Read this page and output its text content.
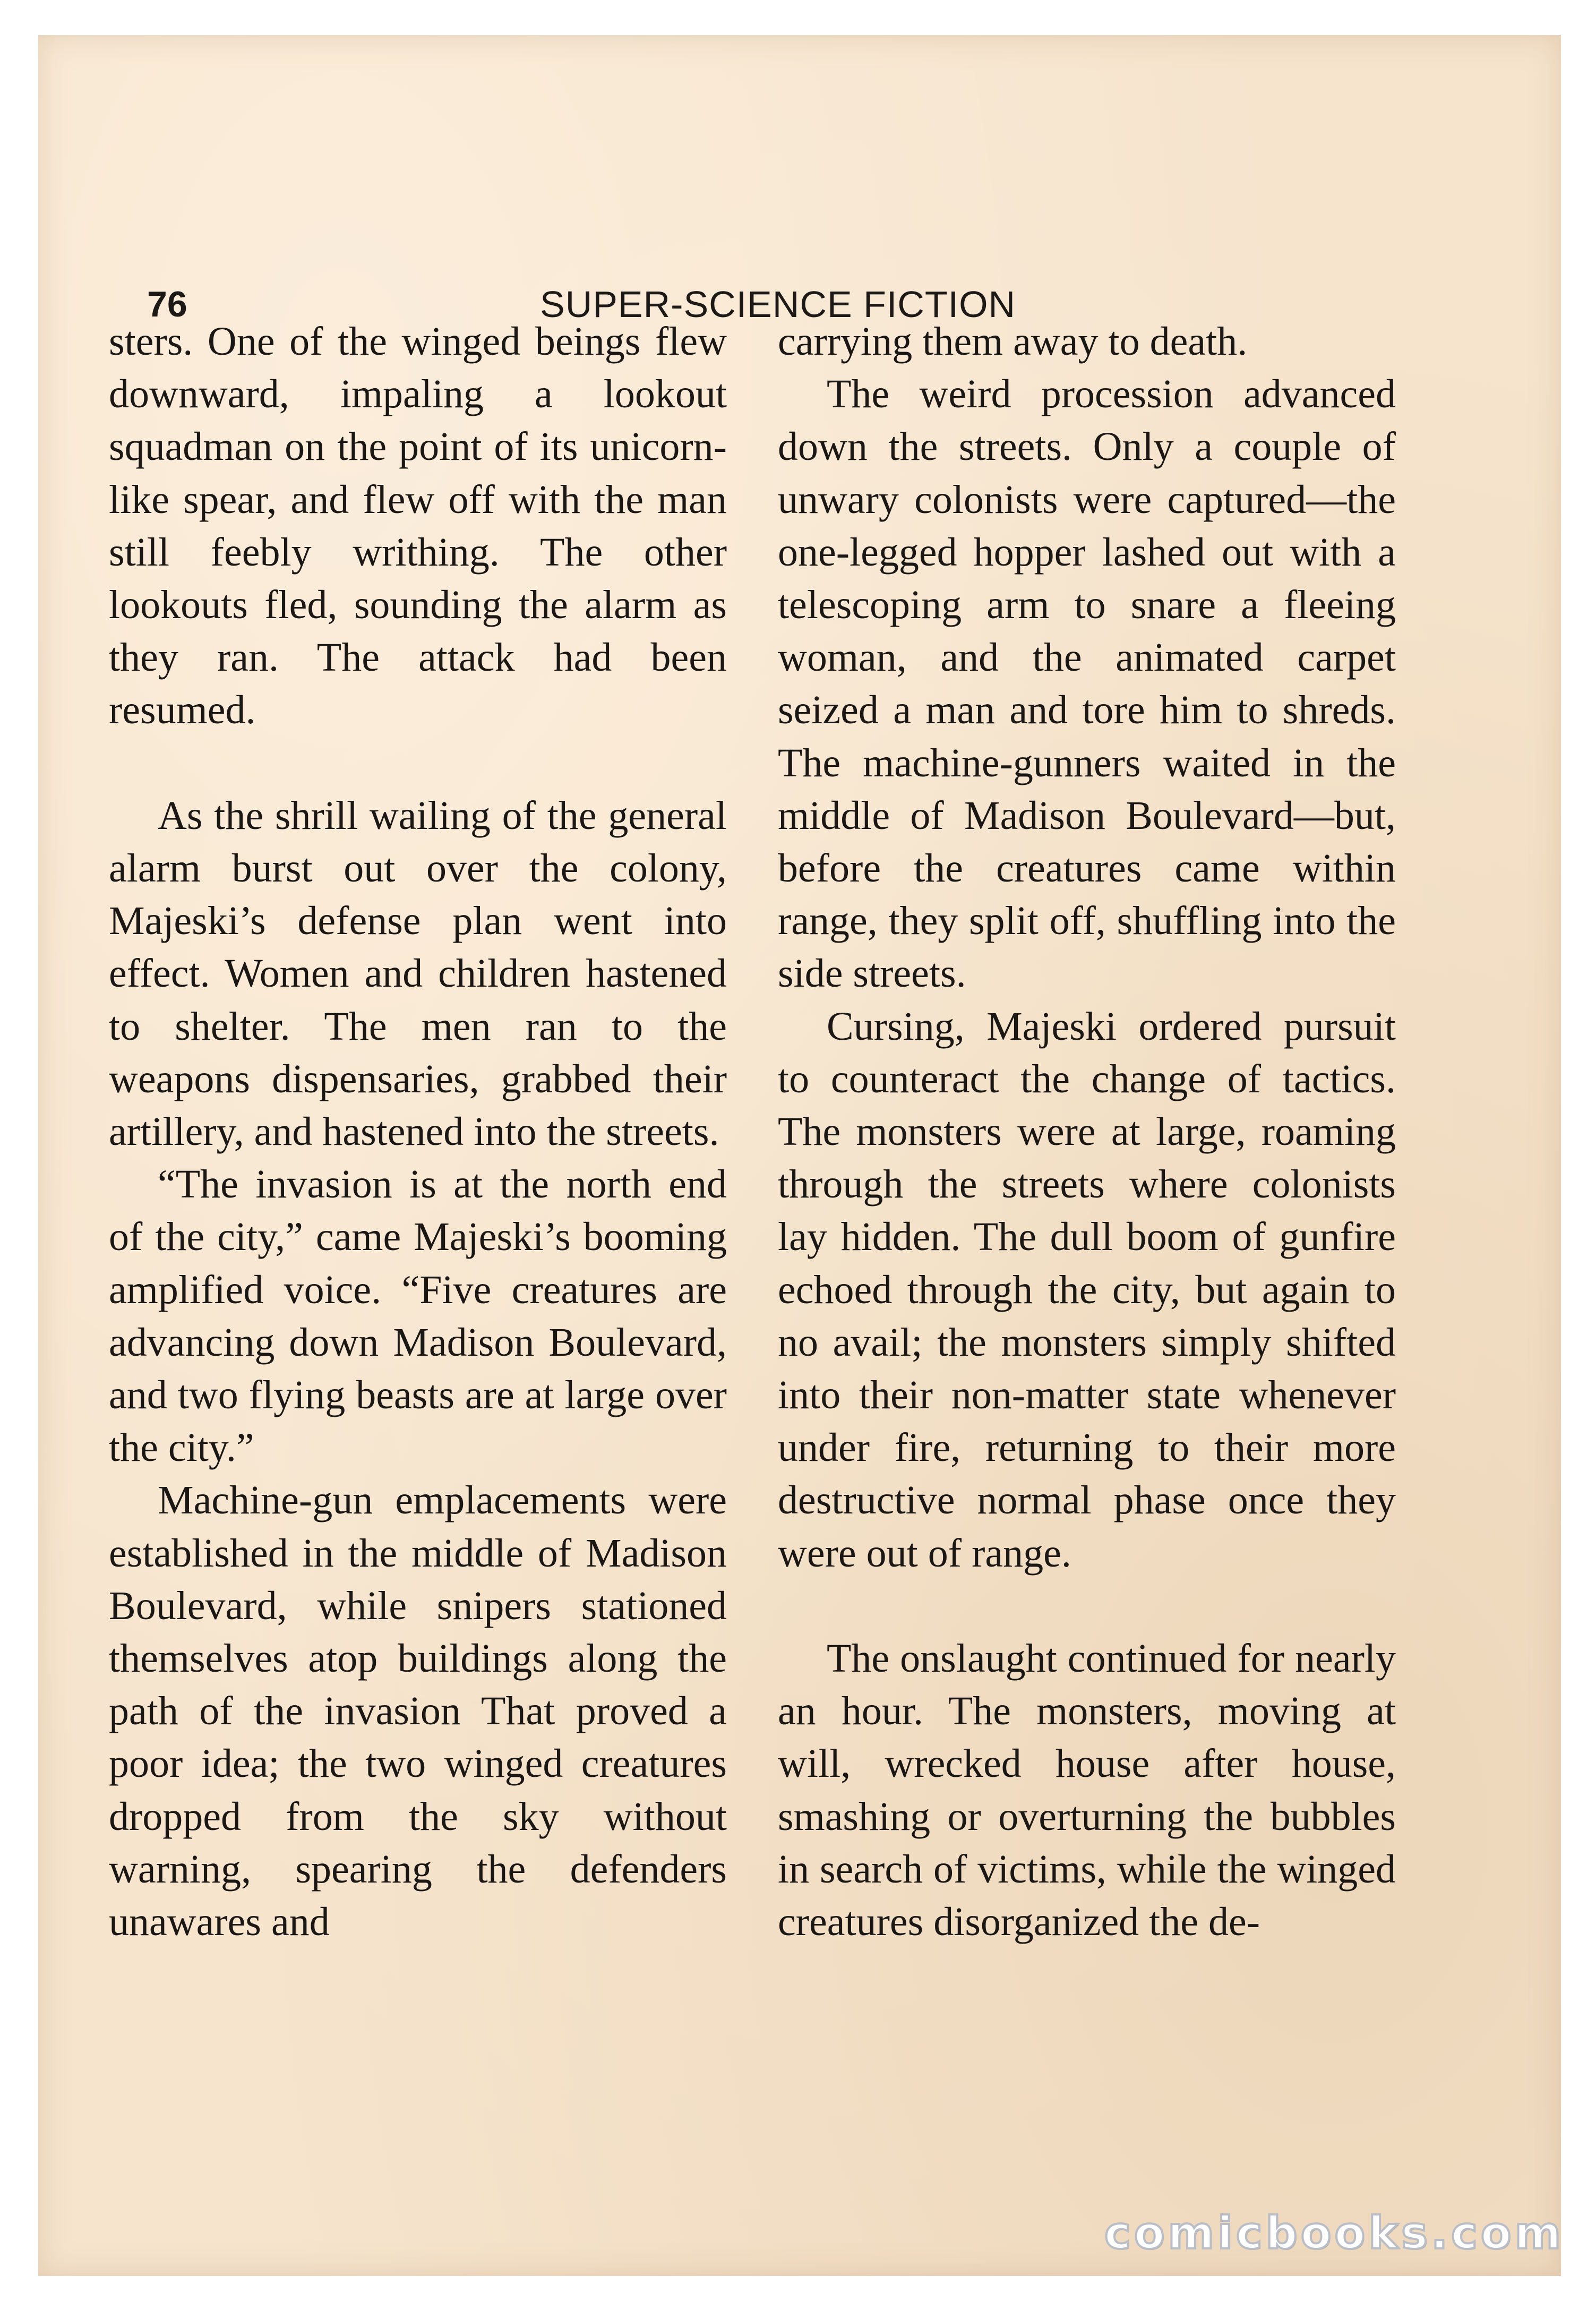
76	SUPER-SCIENCE FICTION

sters. One of the winged beings flew downward, impaling a lookout squadman on the point of its unicorn-like spear, and flew off with the man still feebly writhing. The other lookouts fled, sounding the alarm as they ran. The attack had been resumed.

As the shrill wailing of the general alarm burst out over the colony, Majeski’s defense plan went into effect. Women and children hastened to shelter. The men ran to the weapons dispensaries, grabbed their artillery, and hastened into the streets.

“The invasion is at the north end of the city,” came Majeski’s booming amplified voice. “Five creatures are advancing down Madison Boulevard, and two flying beasts are at large over the city.”

Machine-gun emplacements were established in the middle of Madison Boulevard, while snipers stationed themselves atop buildings along the path of the invasion That proved a poor idea; the two winged creatures dropped from the sky without warning, spearing the defenders unawares and

carrying them away to death.

The weird procession advanced down the streets. Only a couple of unwary colonists were captured—the one-legged hopper lashed out with a telescoping arm to snare a fleeing woman, and the animated carpet seized a man and tore him to shreds. The machine-gunners waited in the middle of Madison Boulevard—but, before the creatures came within range, they split off, shuffling into the side streets.

Cursing, Majeski ordered pursuit to counteract the change of tactics. The monsters were at large, roaming through the streets where colonists lay hidden. The dull boom of gunfire echoed through the city, but again to no avail; the monsters simply shifted into their non-matter state whenever under fire, returning to their more destructive normal phase once they were out of range.

The onslaught continued for nearly an hour. The monsters, moving at will, wrecked house after house, smashing or overturning the bubbles in search of victims, while the winged creatures disorganized the de-

comicbooks.com
